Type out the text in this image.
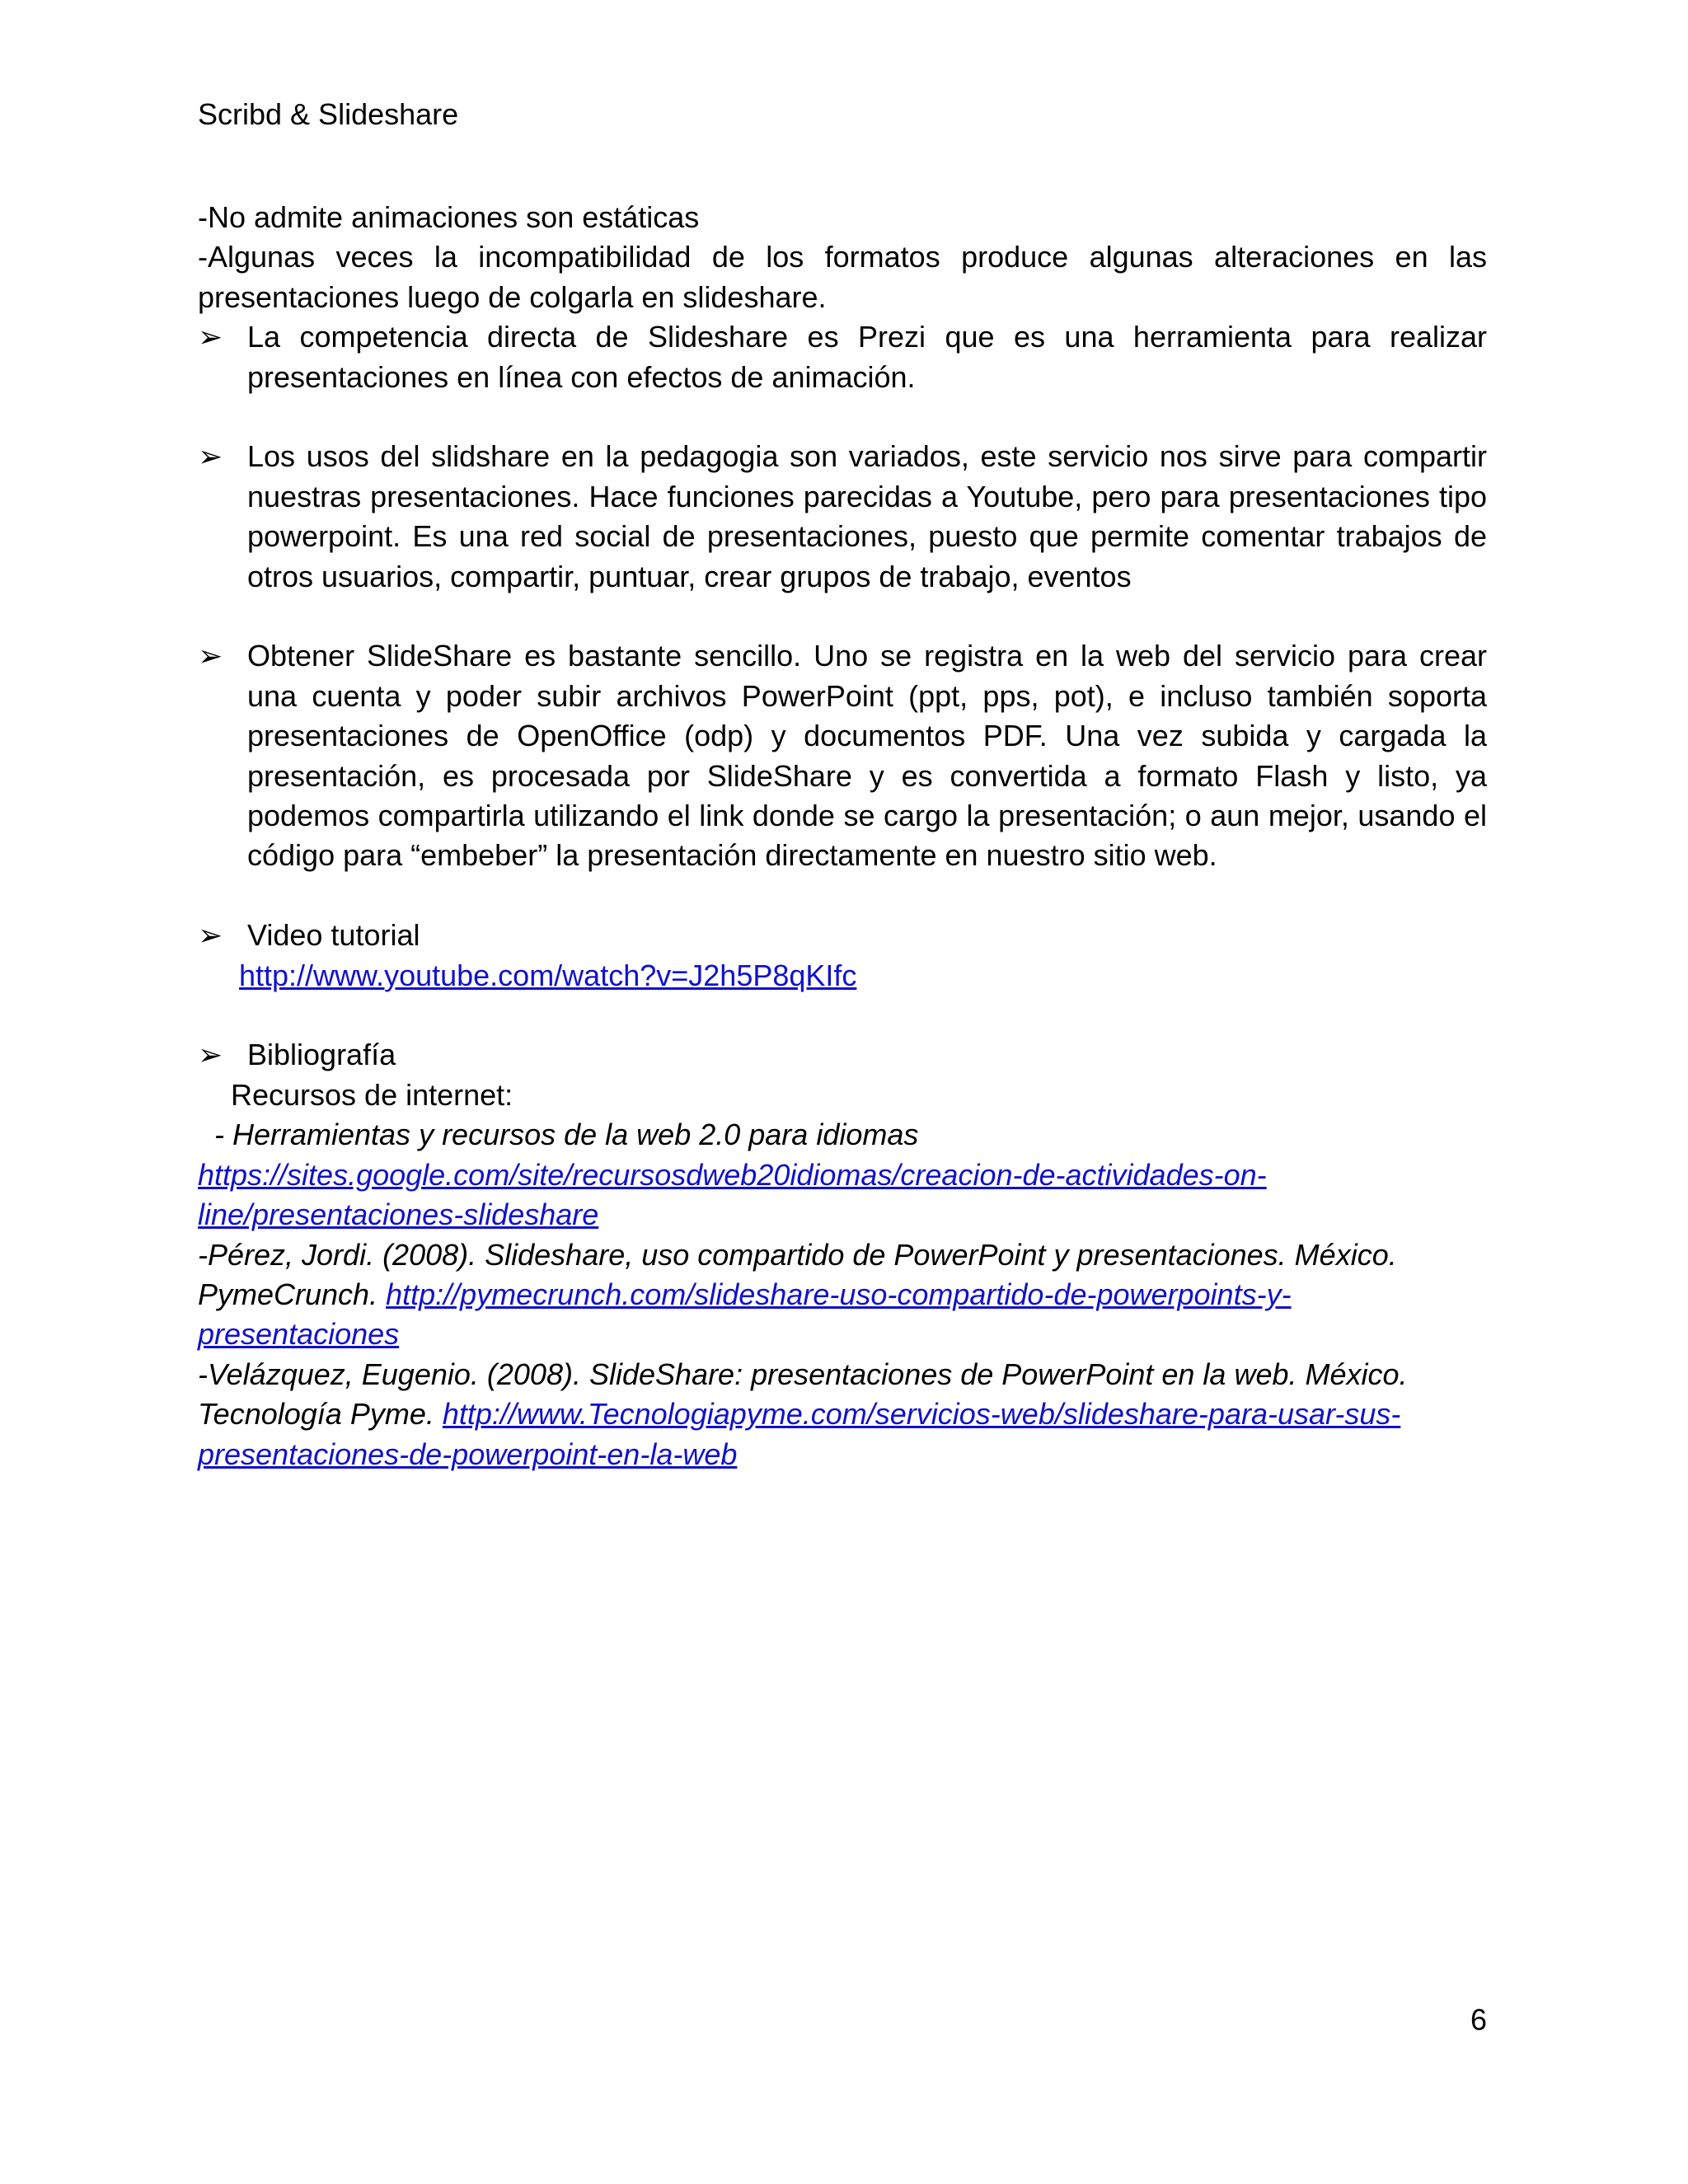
Scribd & Slideshare

-No admite animaciones son estáticas

-Algunas veces la incompatibilidad de los formatos produce algunas alteraciones en las presentaciones luego de colgarla en slideshare.

➢ La competencia directa de Slideshare es Prezi que es una herramienta para realizar presentaciones en línea con efectos de animación.
➢ Los usos del slidshare en la pedagogia son variados, este servicio nos sirve para compartir nuestras presentaciones. Hace funciones parecidas a Youtube, pero para presentaciones tipo powerpoint. Es una red social de presentaciones, puesto que permite comentar trabajos de otros usuarios, compartir, puntuar, crear grupos de trabajo, eventos
➢ Obtener SlideShare es bastante sencillo. Uno se registra en la web del servicio para crear una cuenta y poder subir archivos PowerPoint (ppt, pps, pot), e incluso también soporta presentaciones de OpenOffice (odp) y documentos PDF. Una vez subida y cargada la presentación, es procesada por SlideShare y es convertida a formato Flash y listo, ya podemos compartirla utilizando el link donde se cargo la presentación; o aun mejor, usando el código para “embeber” la presentación directamente en nuestro sitio web.
➢ Video tutorial
http://www.youtube.com/watch?v=J2h5P8qKIfc
➢ Bibliografía

Recursos de internet:

- Herramientas y recursos de la web 2.0 para idiomas

https://sites.google.com/site/recursosdweb20idiomas/creacion-de-actividades-on-line/presentaciones-slideshare

-Pérez, Jordi. (2008). Slideshare, uso compartido de PowerPoint y presentaciones. México. PymeCrunch. http://pymecrunch.com/slideshare-uso-compartido-de-powerpoints-y-presentaciones

-Velázquez, Eugenio. (2008). SlideShare: presentaciones de PowerPoint en la web. México. Tecnología Pyme. http://www.Tecnologiapyme.com/servicios-web/slideshare-para-usar-sus-presentaciones-de-powerpoint-en-la-web

6
